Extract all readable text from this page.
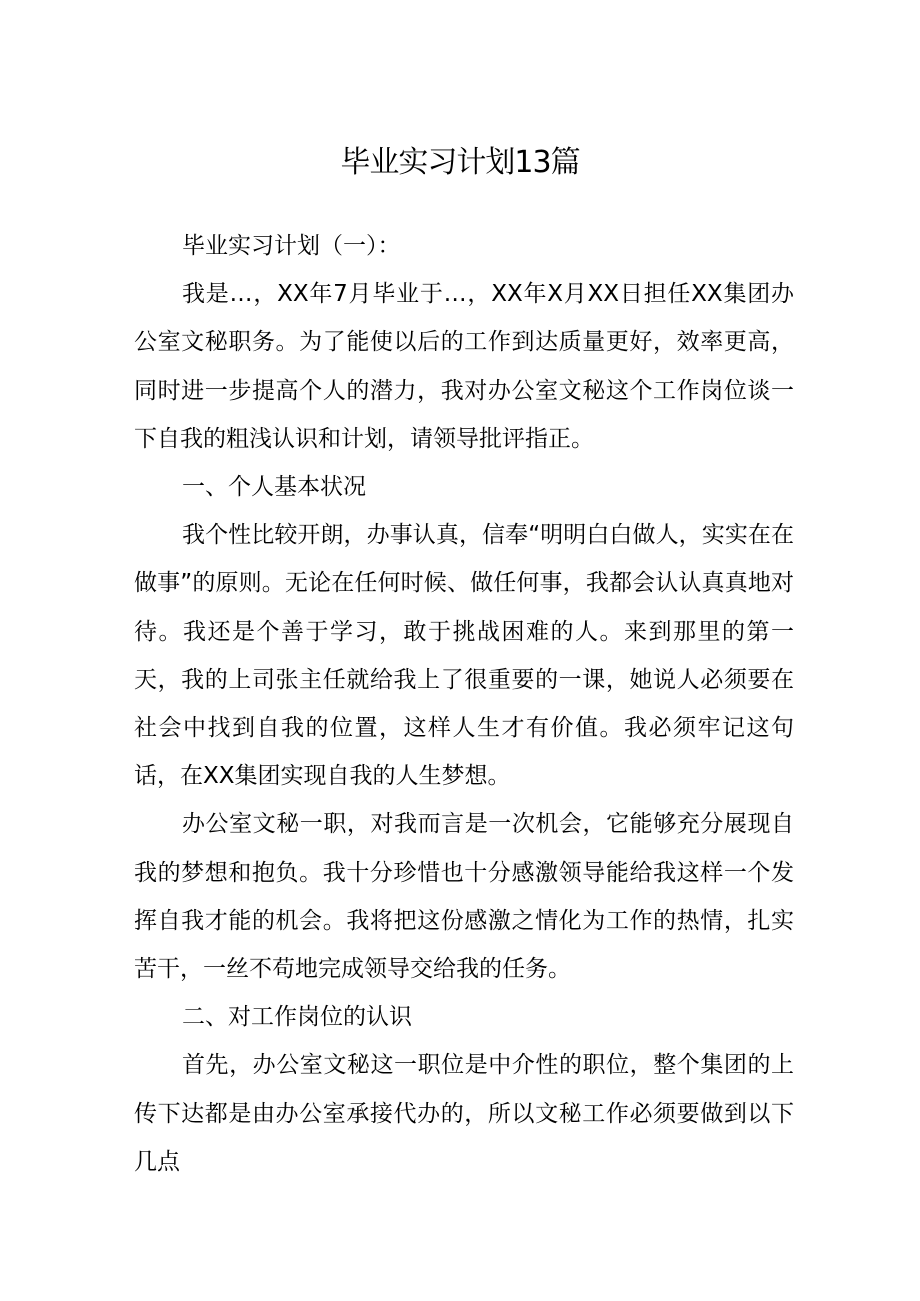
毕业实习计划13篇

毕业实习计划（一）：

我是…，XX年7月毕业于…，XX年X月XX日担任XX集团办公室文秘职务。为了能使以后的工作到达质量更好，效率更高，同时进一步提高个人的潜力，我对办公室文秘这个工作岗位谈一下自我的粗浅认识和计划，请领导批评指正。

一、个人基本状况

我个性比较开朗，办事认真，信奉“明明白白做人，实实在在做事”的原则。无论在任何时候、做任何事，我都会认认真真地对待。我还是个善于学习，敢于挑战困难的人。来到那里的第一天，我的上司张主任就给我上了很重要的一课，她说人必须要在社会中找到自我的位置，这样人生才有价值。我必须牢记这句话，在XX集团实现自我的人生梦想。

办公室文秘一职，对我而言是一次机会，它能够充分展现自我的梦想和抱负。我十分珍惜也十分感激领导能给我这样一个发挥自我才能的机会。我将把这份感激之情化为工作的热情，扎实苦干，一丝不苟地完成领导交给我的任务。

二、对工作岗位的认识

首先，办公室文秘这一职位是中介性的职位，整个集团的上传下达都是由办公室承接代办的，所以文秘工作必须要做到以下几点
